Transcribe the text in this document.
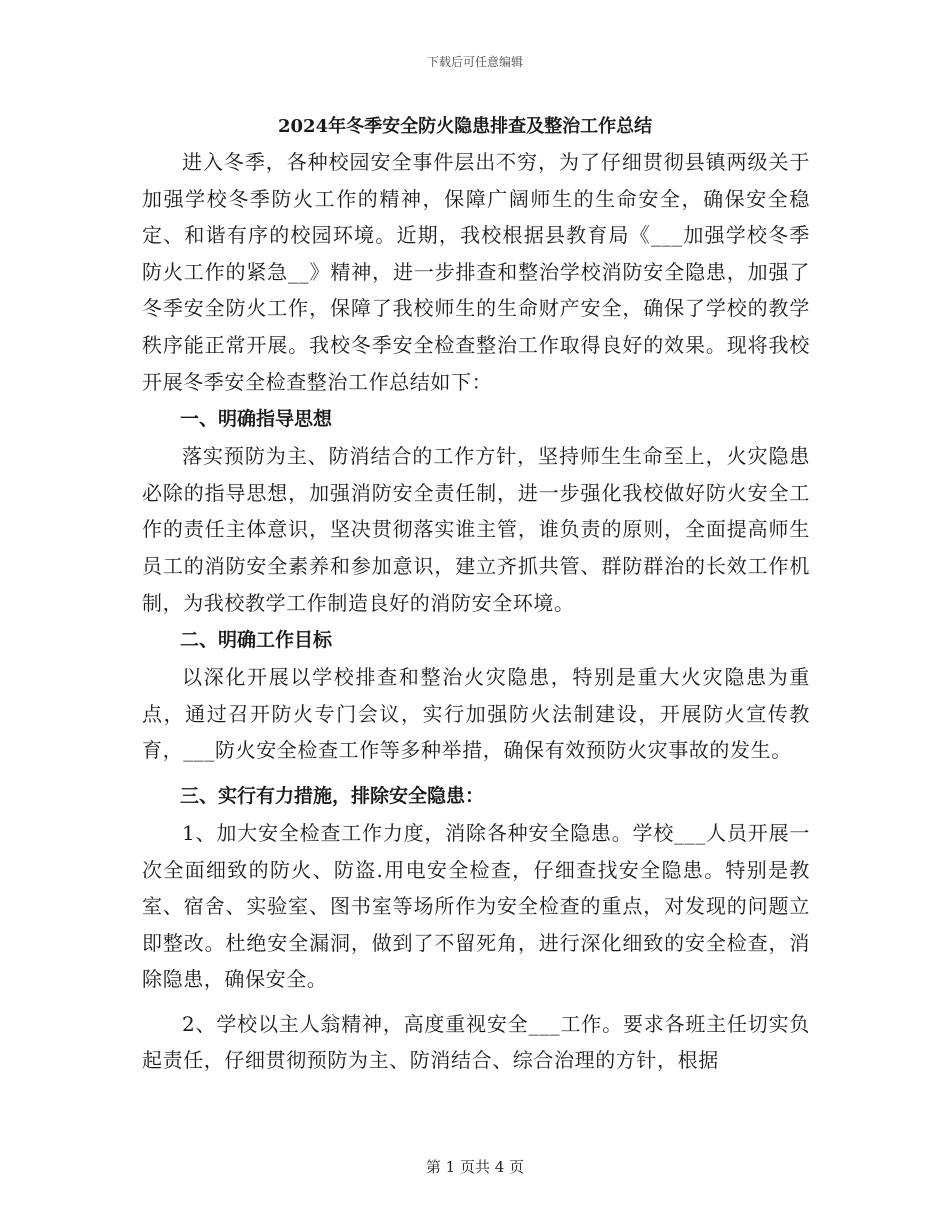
下载后可任意编辑
2024年冬季安全防火隐患排查及整治工作总结

进入冬季，各种校园安全事件层出不穷，为了仔细贯彻县镇两级关于加强学校冬季防火工作的精神，保障广阔师生的生命安全，确保安全稳定、和谐有序的校园环境。近期，我校根据县教育局《___加强学校冬季防火工作的紧急__》精神，进一步排查和整治学校消防安全隐患，加强了冬季安全防火工作，保障了我校师生的生命财产安全，确保了学校的教学秩序能正常开展。我校冬季安全检查整治工作取得良好的效果。现将我校开展冬季安全检查整治工作总结如下：

一、明确指导思想

落实预防为主、防消结合的工作方针，坚持师生生命至上，火灾隐患必除的指导思想，加强消防安全责任制，进一步强化我校做好防火安全工作的责任主体意识，坚决贯彻落实谁主管，谁负责的原则，全面提高师生员工的消防安全素养和参加意识，建立齐抓共管、群防群治的长效工作机制，为我校教学工作制造良好的消防安全环境。

二、明确工作目标

以深化开展以学校排查和整治火灾隐患，特别是重大火灾隐患为重点，通过召开防火专门会议，实行加强防火法制建设，开展防火宣传教育，___防火安全检查工作等多种举措，确保有效预防火灾事故的发生。

三、实行有力措施，排除安全隐患：

1、加大安全检查工作力度，消除各种安全隐患。学校___人员开展一次全面细致的防火、防盗.用电安全检查，仔细查找安全隐患。特别是教室、宿舍、实验室、图书室等场所作为安全检查的重点，对发现的问题立即整改。杜绝安全漏洞，做到了不留死角，进行深化细致的安全检查，消除隐患，确保安全。

2、学校以主人翁精神，高度重视安全___工作。要求各班主任切实负起责任，仔细贯彻预防为主、防消结合、综合治理的方针，根据

第 1 页共 4 页
